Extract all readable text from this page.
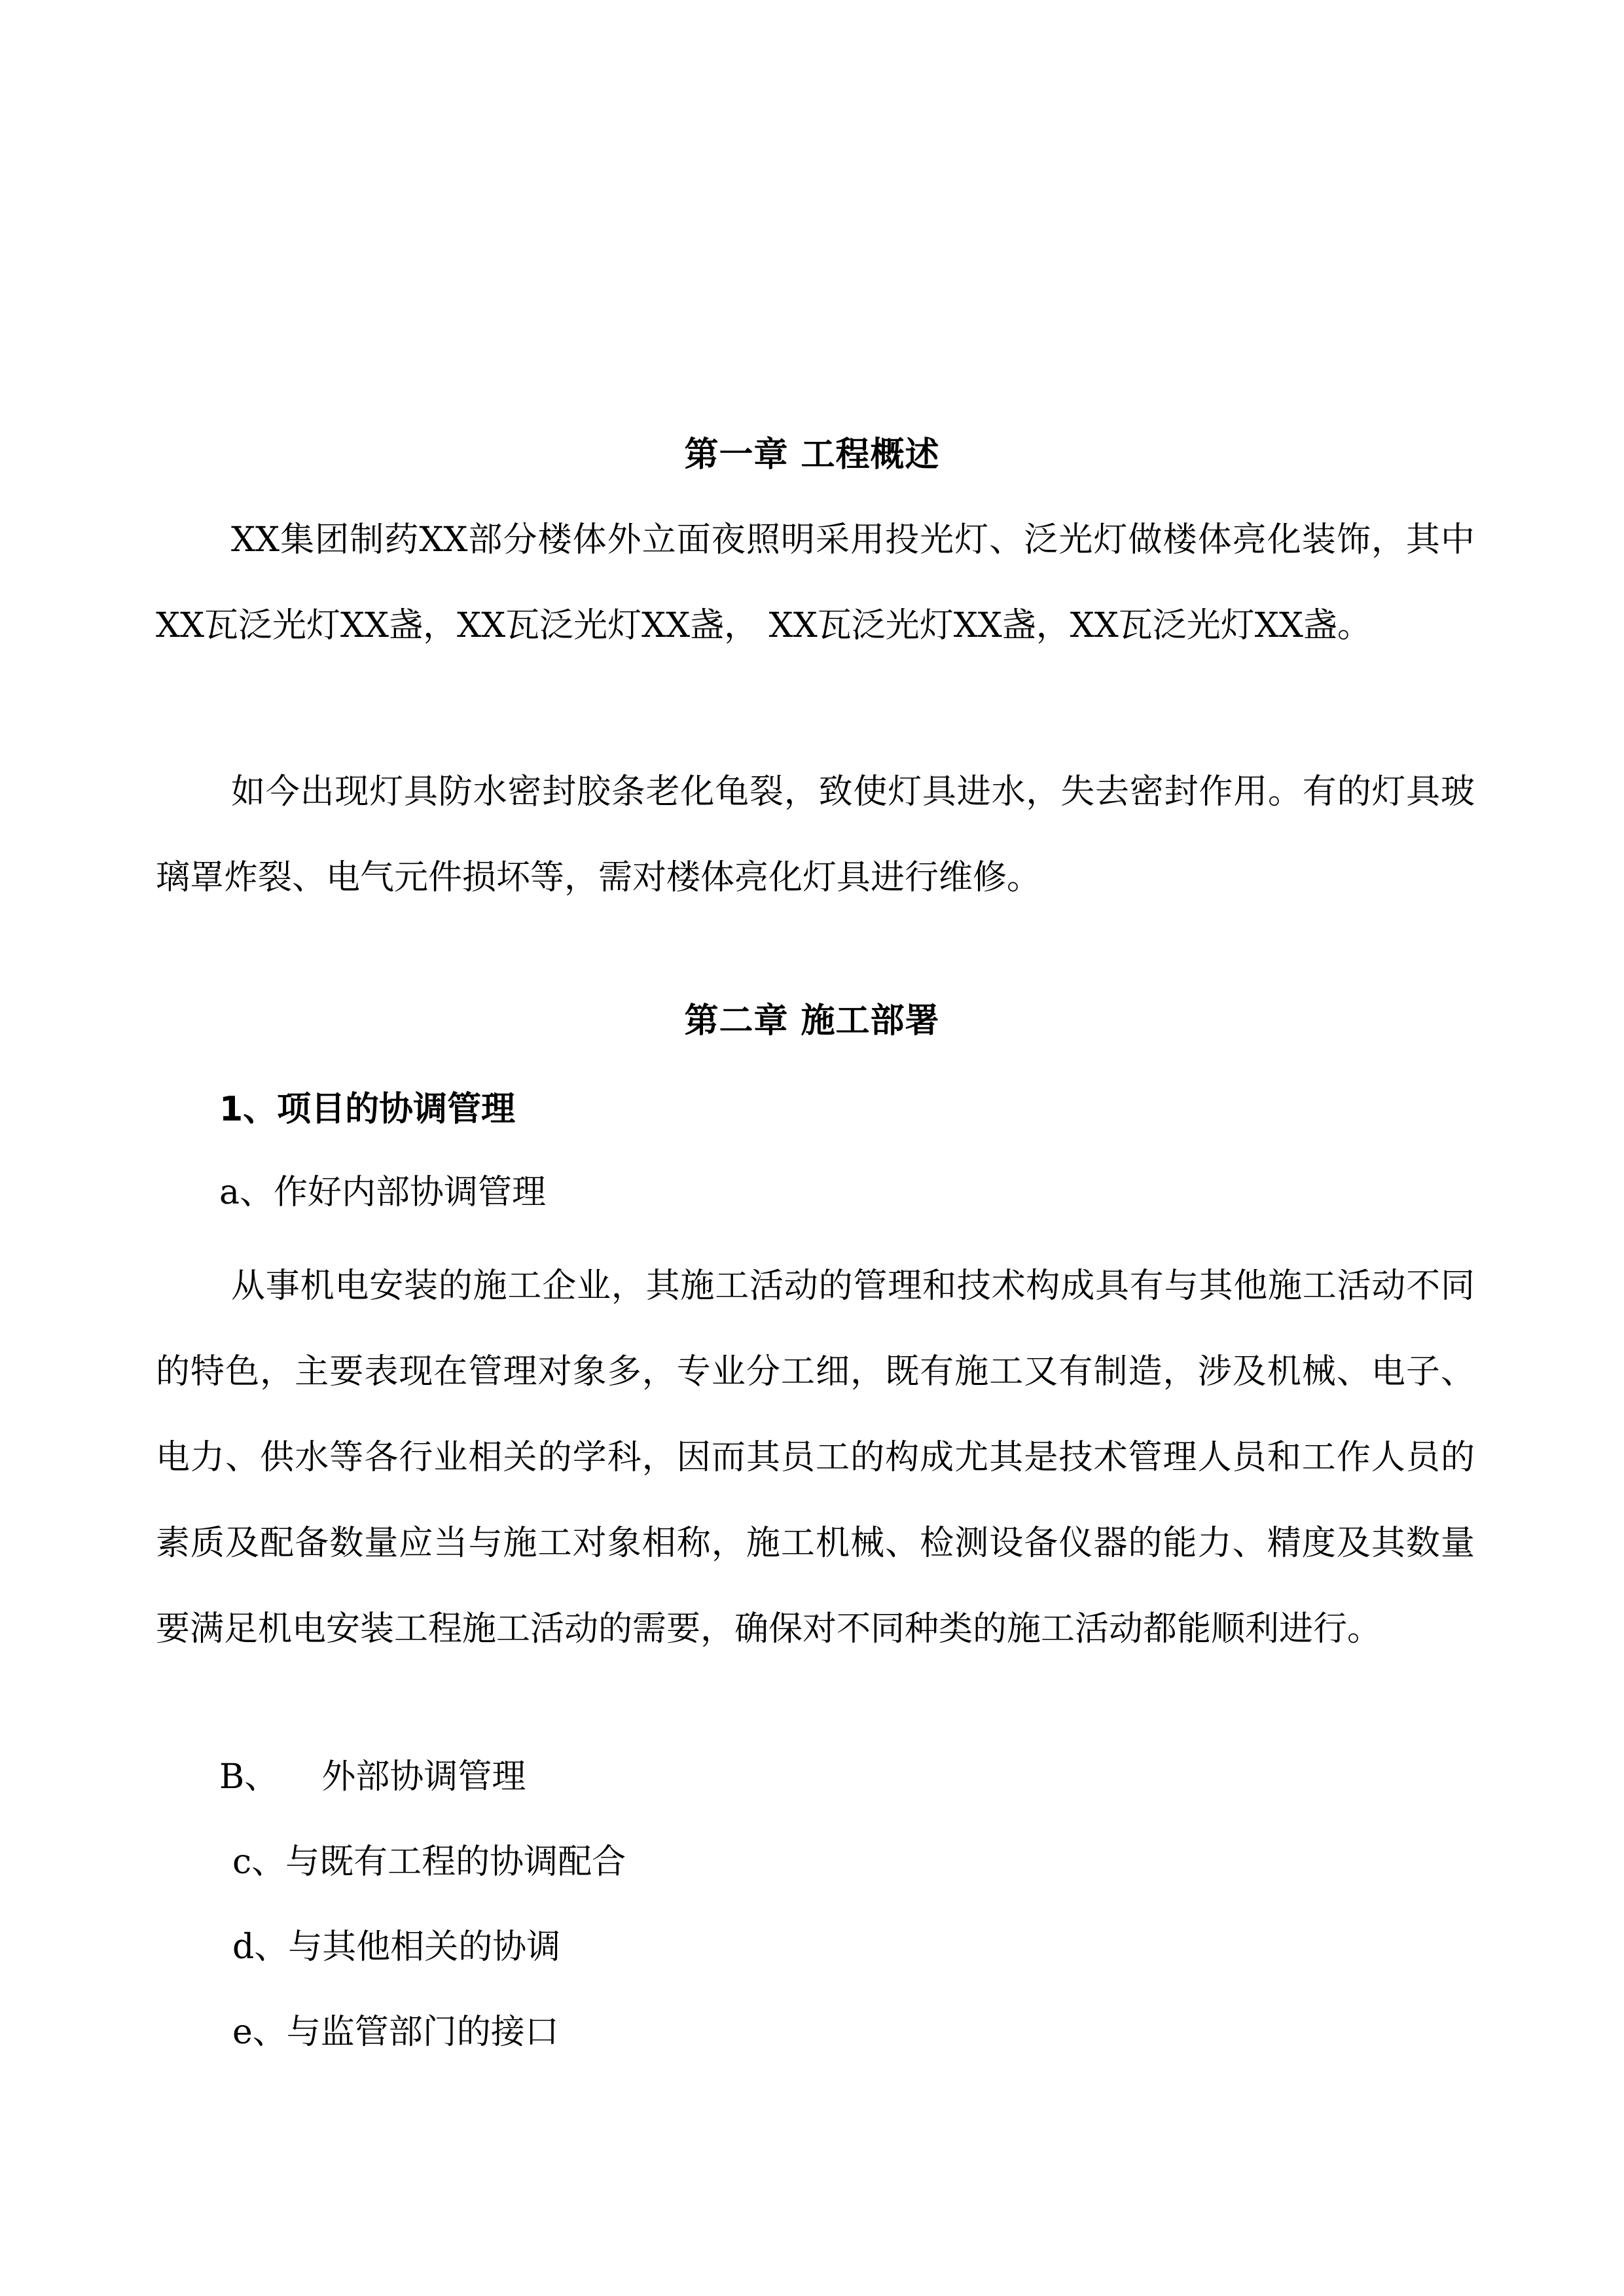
第一章 工程概述

XX集团制药XX部分楼体外立面夜照明采用投光灯、泛光灯做楼体亮化装饰，其中XX瓦泛光灯XX盏，XX瓦泛光灯XX盏， XX瓦泛光灯XX盏，XX瓦泛光灯XX盏。

如今出现灯具防水密封胶条老化龟裂，致使灯具进水，失去密封作用。有的灯具玻璃罩炸裂、电气元件损坏等，需对楼体亮化灯具进行维修。

第二章 施工部署
1、项目的协调管理
a、作好内部协调管理

从事机电安装的施工企业，其施工活动的管理和技术构成具有与其他施工活动不同的特色，主要表现在管理对象多，专业分工细，既有施工又有制造，涉及机械、电子、电力、供水等各行业相关的学科，因而其员工的构成尤其是技术管理人员和工作人员的素质及配备数量应当与施工对象相称，施工机械、检测设备仪器的能力、精度及其数量要满足机电安装工程施工活动的需要，确保对不同种类的施工活动都能顺利进行。

B、    外部协调管理
c、与既有工程的协调配合
d、与其他相关的协调
e、与监管部门的接口
